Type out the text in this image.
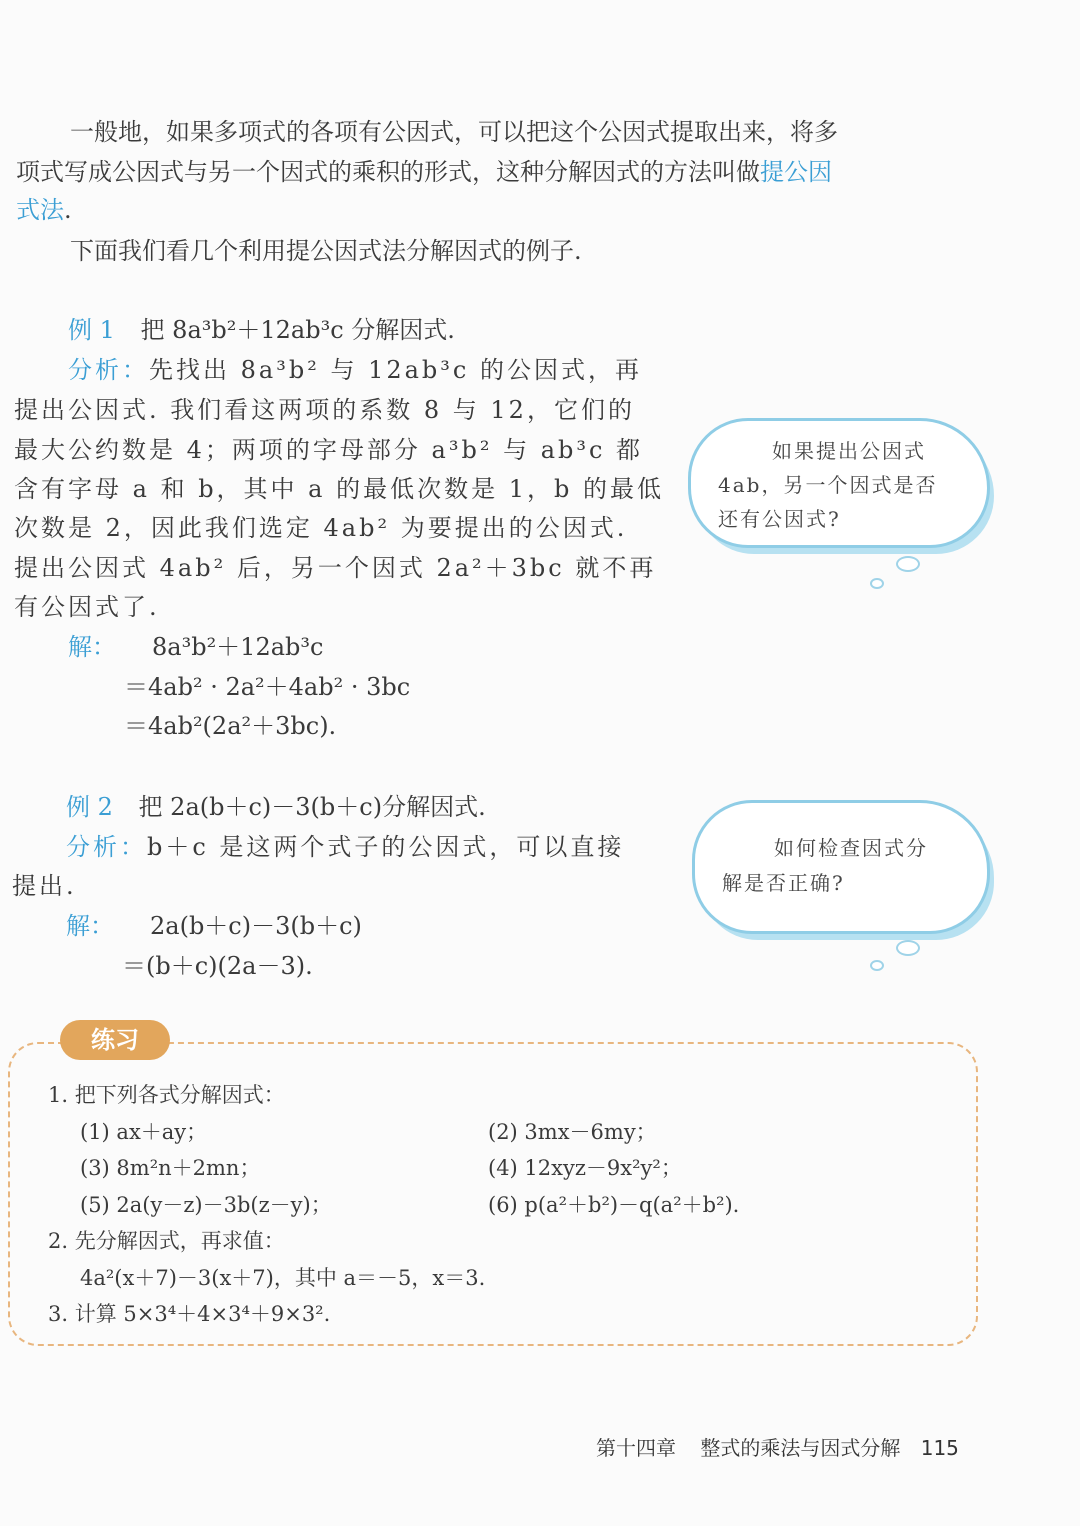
一般地，如果多项式的各项有公因式，可以把这个公因式提取出来，将多
项式写成公因式与另一个因式的乘积的形式，这种分解因式的方法叫做提公因
式法.
下面我们看几个利用提公因式法分解因式的例子.
例 1 把 8a³b²＋12ab³c 分解因式.
分析：先找出 8a³b² 与 12ab³c 的公因式，再
提出公因式. 我们看这两项的系数 8 与 12，它们的
最大公约数是 4；两项的字母部分 a³b² 与 ab³c 都
含有字母 a 和 b，其中 a 的最低次数是 1，b 的最低
次数是 2，因此我们选定 4ab² 为要提出的公因式.
提出公因式 4ab² 后，另一个因式 2a²＋3bc 就不再
有公因式了.
解： 8a³b²＋12ab³c
＝4ab² · 2a²＋4ab² · 3bc
＝4ab²(2a²＋3bc).
如果提出公因式
4ab，另一个因式是否
还有公因式?
例 2 把 2a(b＋c)－3(b＋c)分解因式.
分析：b＋c 是这两个式子的公因式，可以直接
提出.
解： 2a(b＋c)－3(b＋c)
＝(b＋c)(2a－3).
如何检查因式分
解是否正确?
练习
1. 把下列各式分解因式：
(1) ax＋ay；	(2) 3mx－6my；
(3) 8m²n＋2mn；	(4) 12xyz－9x²y²；
(5) 2a(y－z)－3b(z－y)；	(6) p(a²＋b²)－q(a²＋b²).
2. 先分解因式，再求值：
4a²(x＋7)－3(x＋7)，其中 a＝－5，x＝3.
3. 计算 5×3⁴＋4×3⁴＋9×3².
第十四章 整式的乘法与因式分解 115
